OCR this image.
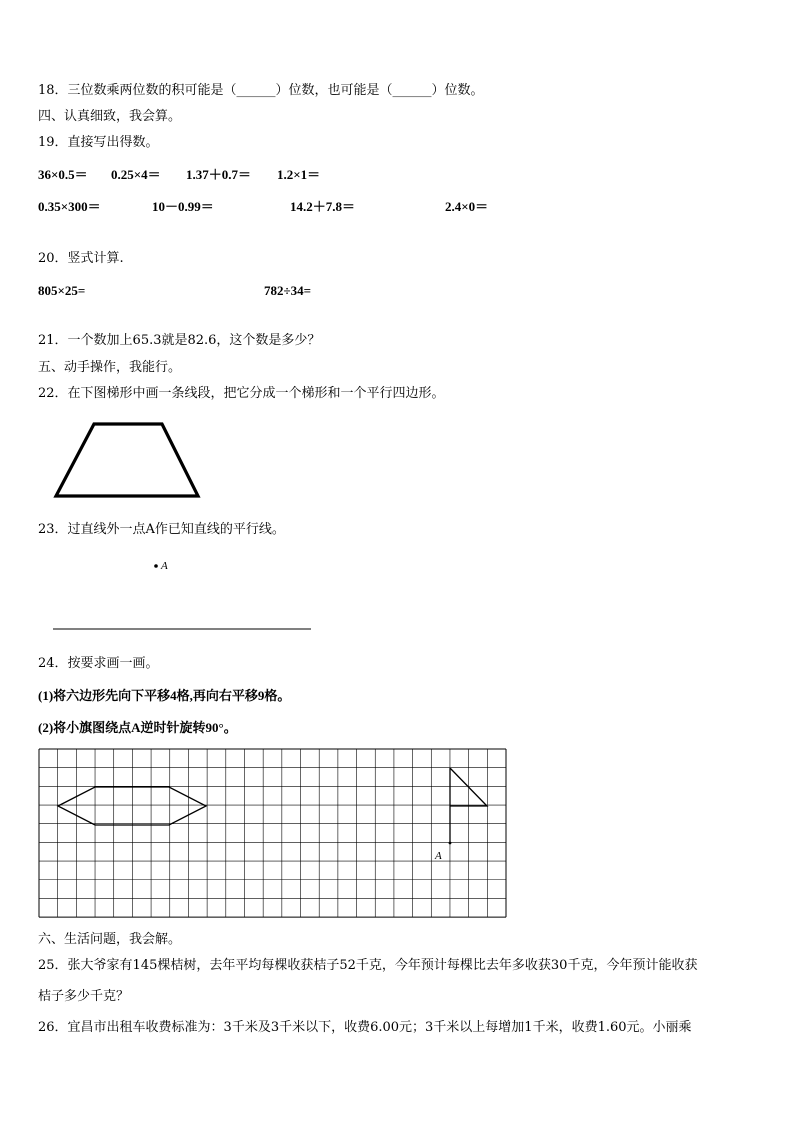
18．三位数乘两位数的积可能是（______）位数，也可能是（______）位数。
四、认真细致，我会算。
19．直接写出得数。
36×0.5＝ 0.25×4＝ 1.37＋0.7＝ 1.2×1＝
0.35×300＝	10－0.99＝	14.2＋7.8＝	2.4×0＝
20．竖式计算.
805×25=	782÷34=
21．一个数加上65.3就是82.6，这个数是多少？
五、动手操作，我能行。
22．在下图梯形中画一条线段，把它分成一个梯形和一个平行四边形。
23．过直线外一点A作已知直线的平行线。
A
24．按要求画一画。
(1)将六边形先向下平移4格,再向右平移9格。
(2)将小旗图绕点A逆时针旋转90°。
A
六、生活问题，我会解。
25．张大爷家有145棵桔树，去年平均每棵收获桔子52千克，今年预计每棵比去年多收获30千克，今年预计能收获
桔子多少千克？
26．宜昌市出租车收费标准为：3千米及3千米以下，收费6.00元；3千米以上每增加1千米，收费1.60元。小丽乘
